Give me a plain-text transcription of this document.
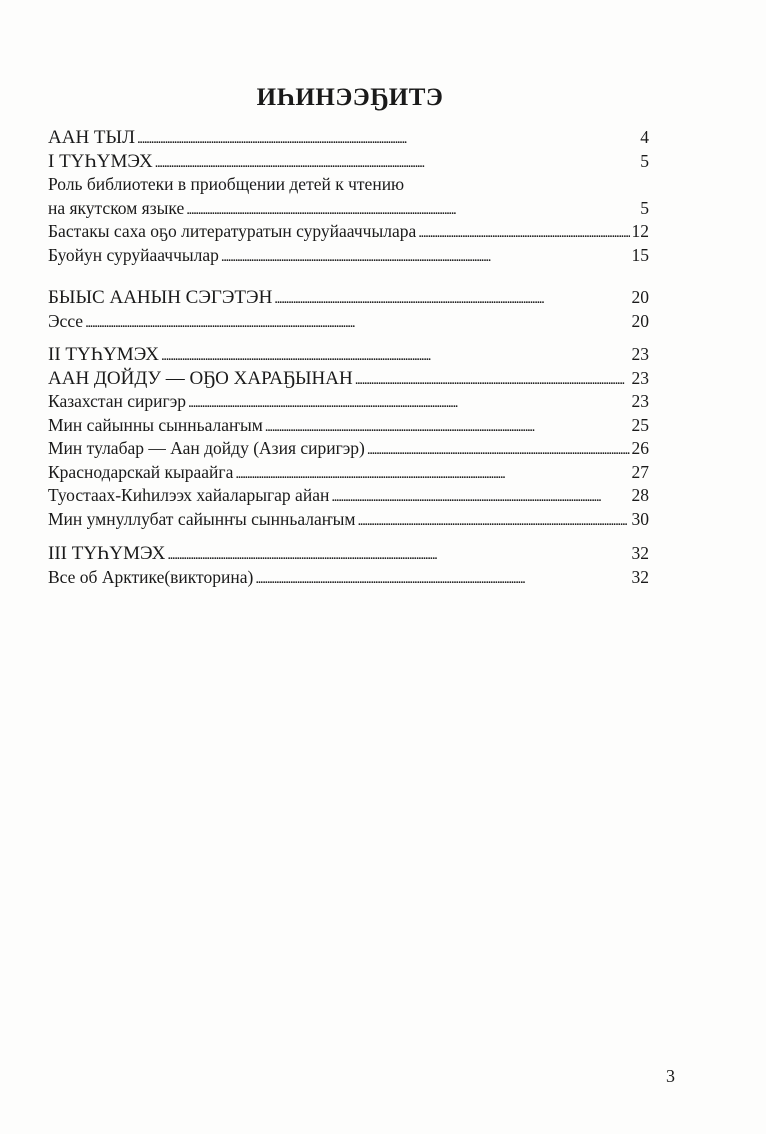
ИҺИНЭЭҔИТЭ
ААН ТЫЛ . . .	4
I ТҮҺҮМЭХ . . .	5
Роль библиотеки в приобщении детей к чтению
на якутском языке . . .	5
Бастакы саха оҕо литературатын суруйааччылара . . .	12
Буойун суруйааччылар . . .	15
БЫЫС ААНЫН СЭГЭТЭН . . .	20
Эссе . . .	20
II ТҮҺҮМЭХ . . .	23
ААН ДОЙДУ — ОҔО ХАРАҔЫНАН . . .	23
Казахстан сиригэр . . .	23
Мин сайынны сынньалаҥым . . .	25
Мин тулабар — Аан дойду (Азия сиригэр) . . .	26
Краснодарскай кыраайга . . .	27
Туостаах-Киһилээх хайаларыгар айан . . .	28
Мин умнуллубат сайынҥы сынньалаҥым . . .	30
III ТҮҺҮМЭХ . . .	32
Все об Арктике(викторина) . . .	32
3
